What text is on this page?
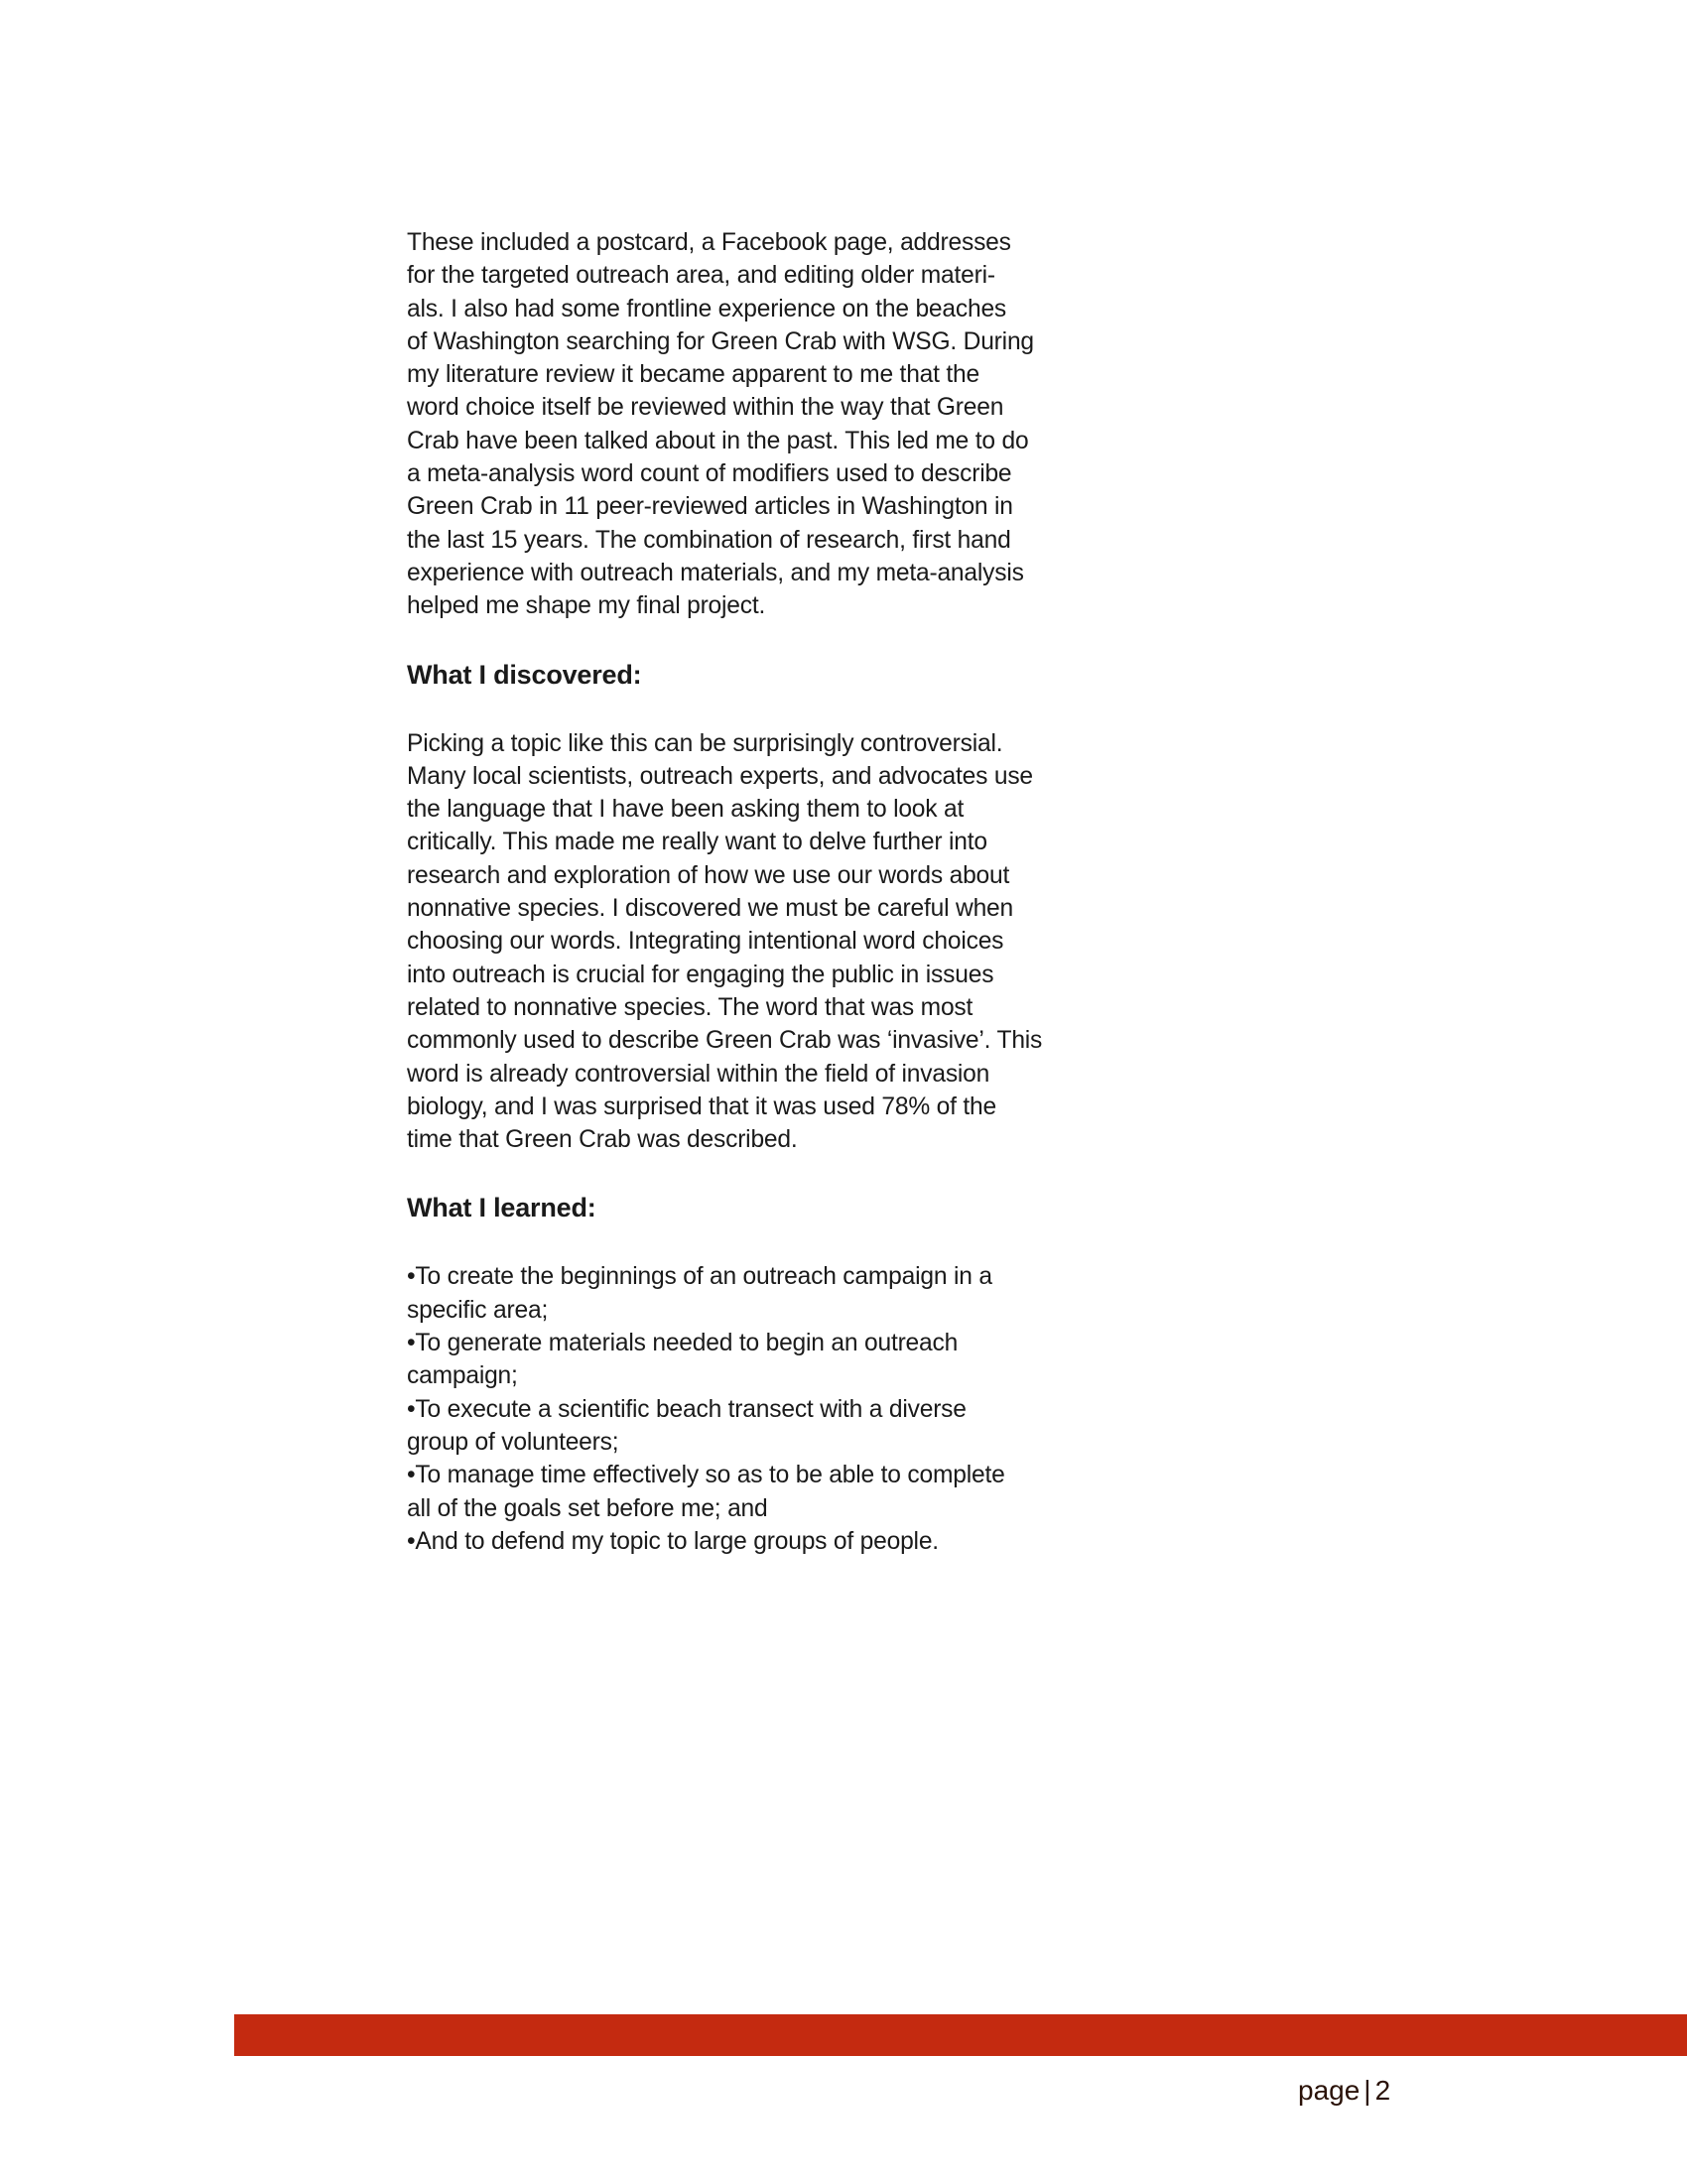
These included a postcard, a Facebook page, addresses
for the targeted outreach area, and editing older materi-
als. I also had some frontline experience on the beaches
of Washington searching for Green Crab with WSG. During
my literature review it became apparent to me that the
word choice itself be reviewed within the way that Green
Crab have been talked about in the past. This led me to do
a meta-analysis word count of modifiers used to describe
Green Crab in 11 peer-reviewed articles in Washington in
the last 15 years. The combination of research, first hand
experience with outreach materials, and my meta-analysis
helped me shape my final project.
What I discovered:
Picking a topic like this can be surprisingly controversial.
Many local scientists, outreach experts, and advocates use
the language that I have been asking them to look at
critically. This made me really want to delve further into
research and exploration of how we use our words about
nonnative species. I discovered we must be careful when
choosing our words. Integrating intentional word choices
into outreach is crucial for engaging the public in issues
related to nonnative species. The word that was most
commonly used to describe Green Crab was ‘invasive’. This
word is already controversial within the field of invasion
biology, and I was surprised that it was used 78% of the
time that Green Crab was described.
What I learned:
•To create the beginnings of an outreach campaign in a
specific area;
•To generate materials needed to begin an outreach
campaign;
•To execute a scientific beach transect with a diverse
group of volunteers;
•To manage time effectively so as to be able to complete
all of the goals set before me; and
•And to defend my topic to large groups of people.
page | 2
